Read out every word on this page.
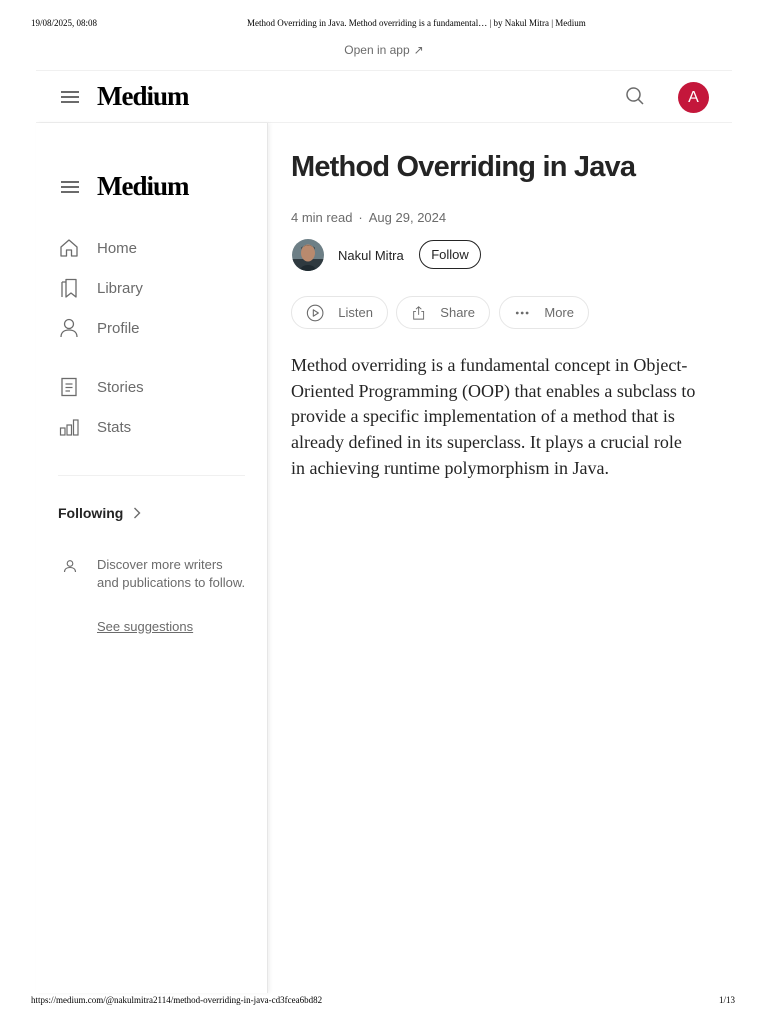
19/08/2025, 08:08	Method Overriding in Java. Method overriding is a fundamental… | by Nakul Mitra | Medium
Open in app ↗
Medium	A
Medium
Home
Library
Profile
Stories
Stats
Following
Discover more writers and publications to follow.
See suggestions
Method Overriding in Java
4 min read · Aug 29, 2024
Nakul Mitra	Follow
Listen	Share	More

Method overriding is a fundamental concept in Object-Oriented Programming (OOP) that enables a subclass to provide a specific implementation of a method that is already defined in its superclass. It plays a crucial role in achieving runtime polymorphism in Java.

https://medium.com/@nakulmitra2114/method-overriding-in-java-cd3fcea6bd82	1/13
